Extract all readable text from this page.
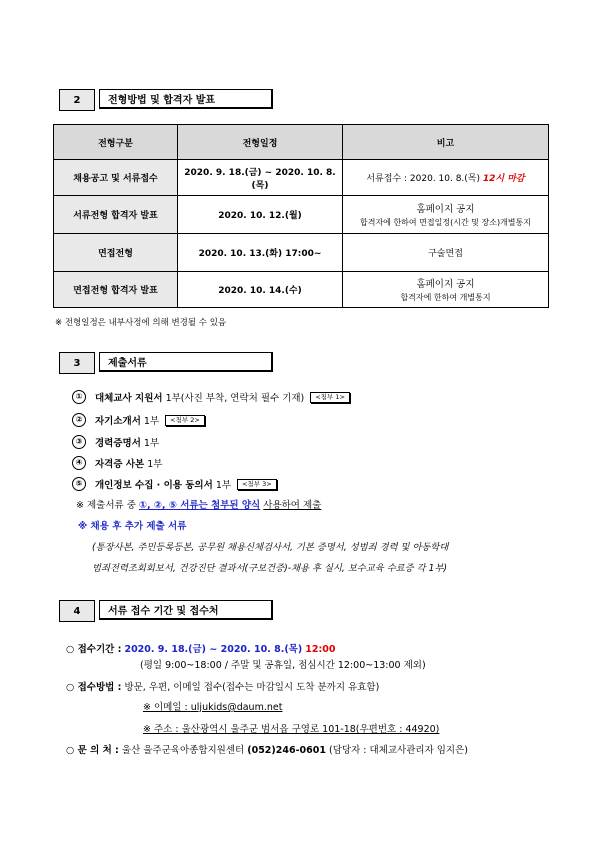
2	전형방법 및 합격자 발표
전형구분	전형일정	비고
채용공고 및 서류접수	2020. 9. 18.(금) ~ 2020. 10. 8.(목)	서류접수 : 2020. 10. 8.(목) 12시 마감
서류전형 합격자 발표	2020. 10. 12.(월)	홈페이지 공지
합격자에 한하여 면접일정(시간 및 장소)개별통지

면접전형	2020. 10. 13.(화) 17:00~	구술면접
면접전형 합격자 발표	2020. 10. 14.(수)	홈페이지 공지
합격자에 한하여 개별통지
※ 전형일정은 내부사정에 의해 변경될 수 있음
3	제출서류
①	대체교사 지원서
1부(사진 부착, 연락처 필수 기재)	<첨부 1>
②	자기소개서
1부	<첨부 2>
③	경력증명서
1부
④	자격증 사본
1부
⑤	개인정보 수집 · 이용 동의서
1부	<첨부 3>
※ 제출서류 중 ①, ②, ⑤ 서류는 첨부된 양식 사용하여 제출
※ 채용 후 추가 제출 서류
(통장사본, 주민등록등본, 공무원 채용신체검사서, 기본 증명서, 성범죄 경력 및 아동학대
범죄전력조회회보서, 건강진단 결과서(구보건증)-채용 후 실시, 보수교육 수료증 각 1부)
4	서류 접수 기간 및 접수처
○ 접수기간 : 2020. 9. 18.(금) ~ 2020. 10. 8.(목) 12:00
(평일 9:00~18:00 / 주말 및 공휴일, 점심시간 12:00~13:00 제외)
○ 접수방법 : 방문, 우편, 이메일 접수(접수는 마감일시 도착 분까지 유효함)
※ 이메일 : uljukids@daum.net
※ 주소 : 울산광역시 울주군 범서읍 구영로 101-18(우편번호 : 44920)
○ 문 의 처 : 울산 울주군육아종합지원센터 (052)246-0601 (담당자 : 대체교사관리자 임지은)
